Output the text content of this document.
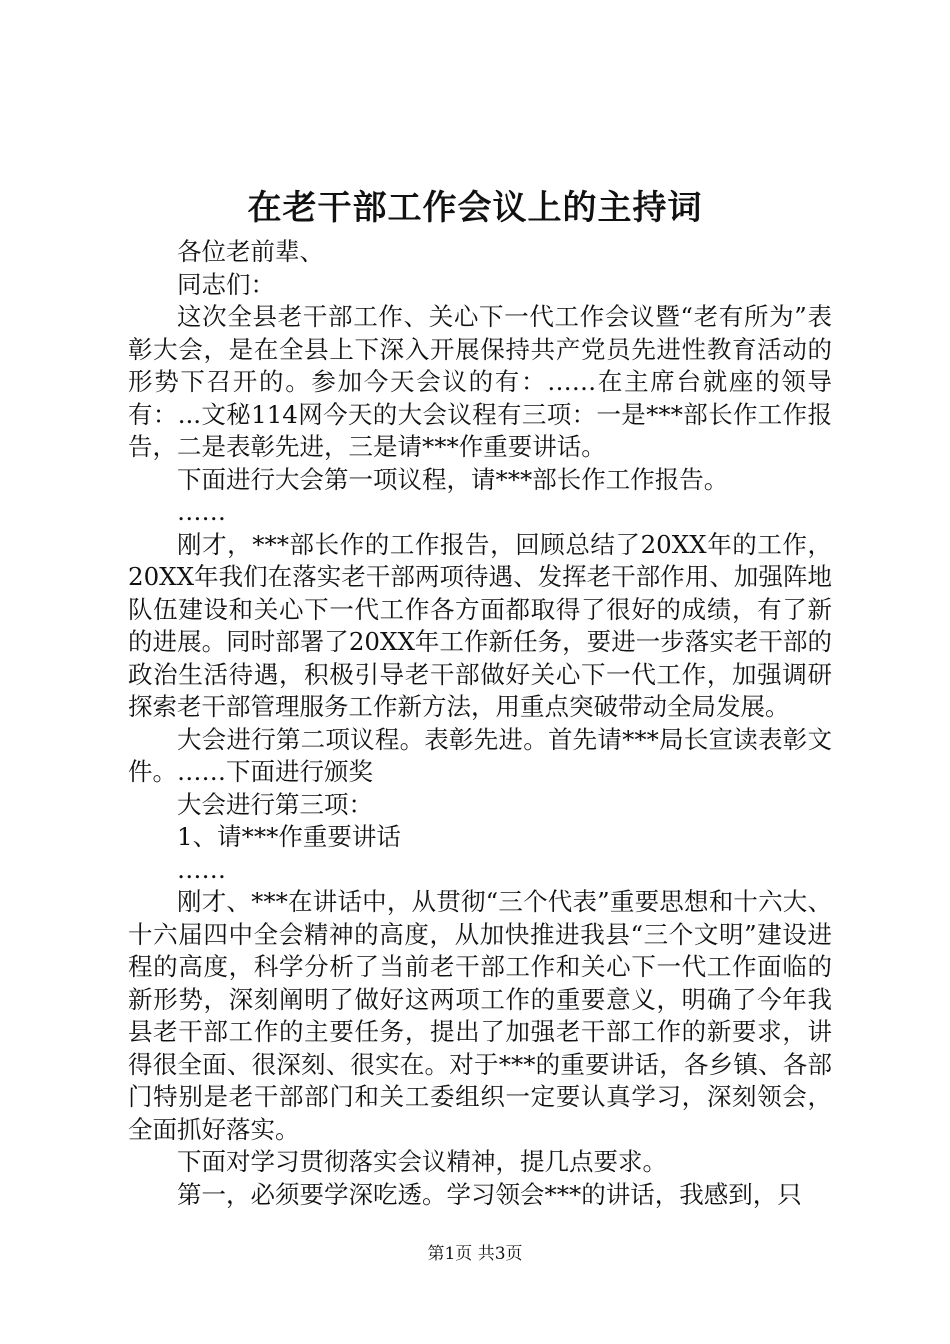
在老干部工作会议上的主持词

各位老前辈、

同志们：

这次全县老干部工作、关心下一代工作会议暨“老有所为”表彰大会，是在全县上下深入开展保持共产党员先进性教育活动的形势下召开的。参加今天会议的有：……在主席台就座的领导有：...文秘114网今天的大会议程有三项：一是***部长作工作报告，二是表彰先进，三是请***作重要讲话。

下面进行大会第一项议程，请***部长作工作报告。

……

刚才，***部长作的工作报告，回顾总结了20XX年的工作，20XX年我们在落实老干部两项待遇、发挥老干部作用、加强阵地队伍建设和关心下一代工作各方面都取得了很好的成绩，有了新的进展。同时部署了20XX年工作新任务，要进一步落实老干部的政治生活待遇，积极引导老干部做好关心下一代工作，加强调研探索老干部管理服务工作新方法，用重点突破带动全局发展。

大会进行第二项议程。表彰先进。首先请***局长宣读表彰文件。……下面进行颁奖

大会进行第三项：

1、请***作重要讲话

……

刚才、***在讲话中，从贯彻“三个代表”重要思想和十六大、十六届四中全会精神的高度，从加快推进我县“三个文明”建设进程的高度，科学分析了当前老干部工作和关心下一代工作面临的新形势，深刻阐明了做好这两项工作的重要意义，明确了今年我县老干部工作的主要任务，提出了加强老干部工作的新要求，讲得很全面、很深刻、很实在。对于***的重要讲话，各乡镇、各部门特别是老干部部门和关工委组织一定要认真学习，深刻领会，全面抓好落实。

下面对学习贯彻落实会议精神，提几点要求。

第一，必须要学深吃透。学习领会***的讲话，我感到，只

第1页 共3页
